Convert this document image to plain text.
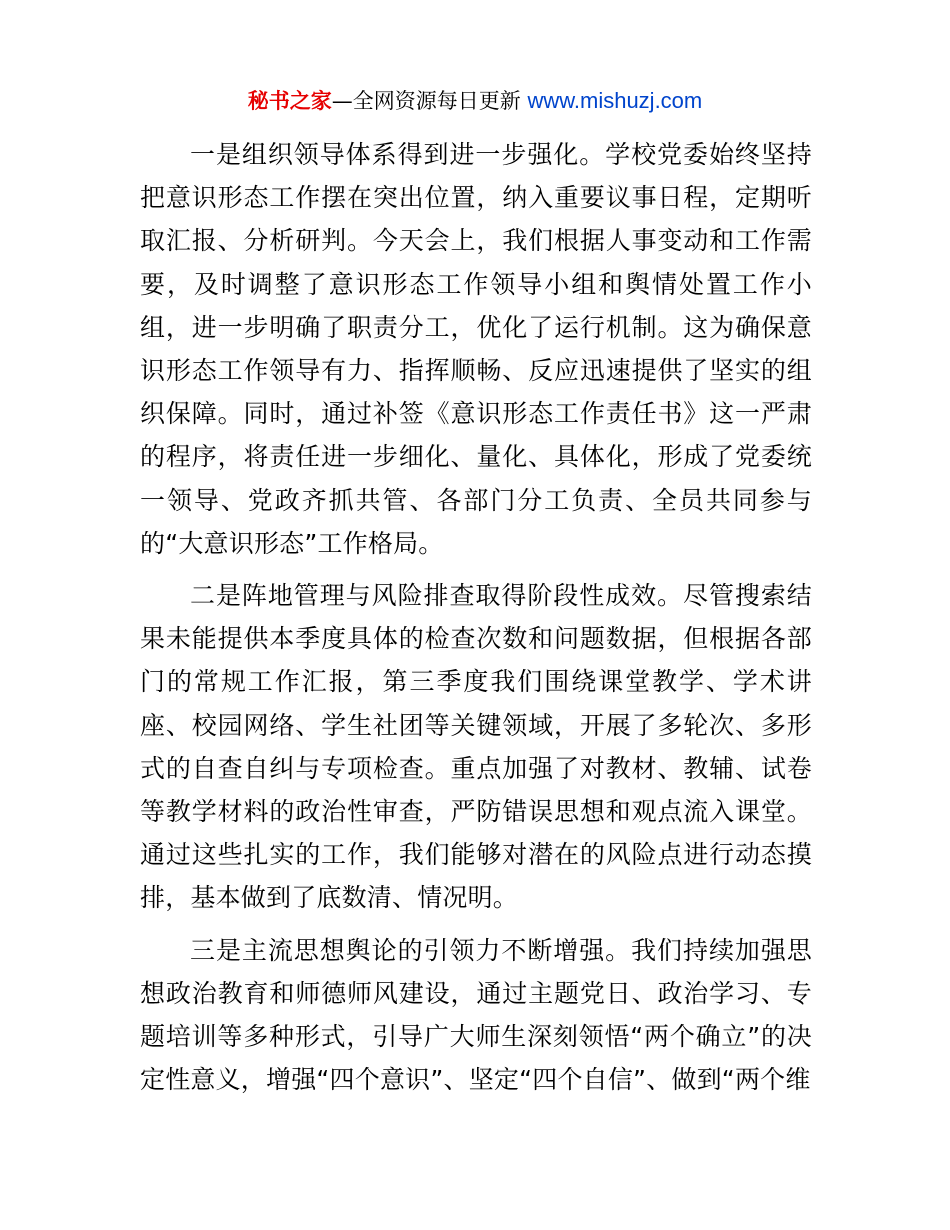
秘书之家—全网资源每日更新 www.mishuzj.com

一是组织领导体系得到进一步强化。学校党委始终坚持把意识形态工作摆在突出位置，纳入重要议事日程，定期听取汇报、分析研判。今天会上，我们根据人事变动和工作需要，及时调整了意识形态工作领导小组和舆情处置工作小组，进一步明确了职责分工，优化了运行机制。这为确保意识形态工作领导有力、指挥顺畅、反应迅速提供了坚实的组织保障。同时，通过补签《意识形态工作责任书》这一严肃的程序，将责任进一步细化、量化、具体化，形成了党委统一领导、党政齐抓共管、各部门分工负责、全员共同参与的“大意识形态”工作格局。

二是阵地管理与风险排查取得阶段性成效。尽管搜索结果未能提供本季度具体的检查次数和问题数据，但根据各部门的常规工作汇报，第三季度我们围绕课堂教学、学术讲座、校园网络、学生社团等关键领域，开展了多轮次、多形式的自查自纠与专项检查。重点加强了对教材、教辅、试卷等教学材料的政治性审查，严防错误思想和观点流入课堂。通过这些扎实的工作，我们能够对潜在的风险点进行动态摸排，基本做到了底数清、情况明。

三是主流思想舆论的引领力不断增强。我们持续加强思想政治教育和师德师风建设，通过主题党日、政治学习、专题培训等多种形式，引导广大师生深刻领悟“两个确立”的决定性意义，增强“四个意识”、坚定“四个自信”、做到“两个维
